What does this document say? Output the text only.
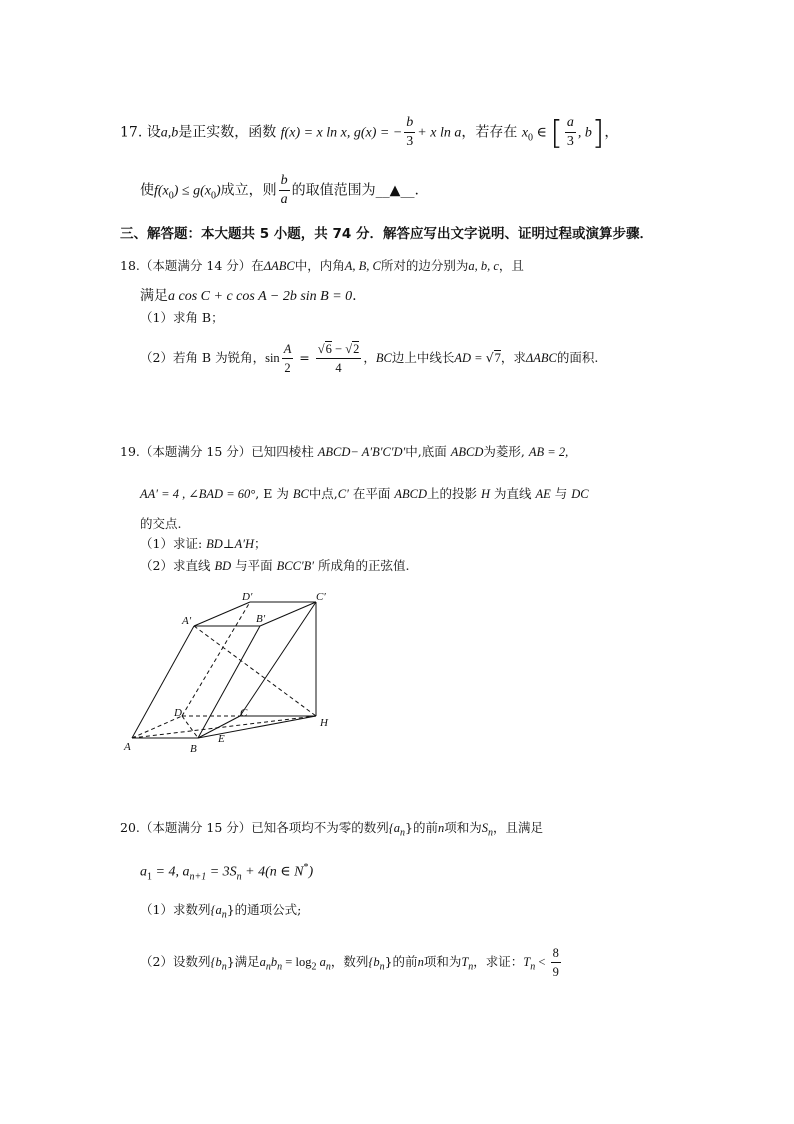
17. 设a,b是正实数，函数 f(x) = x ln x, g(x) = − $\frac{b}{3} + x$ ln a，若存在 $x_0$ ∈ [ $\frac{a}{3}$ , b]，
使$f(x_0) \le g(x_0)$成立，则 $\frac{b}{a}$ 的取值范围为__▲__.
三、解答题：本大题共 5 小题，共 74 分．解答应写出文字说明、证明过程或演算步骤．
18.（本题满分 14 分）在ΔABC中，内角A, B, C所对的边分别为a, b, c，且
满足a cos C + c cos A − 2b sin B = 0.
（1）求角 B；
（2）若角 B 为锐角，$\sin \frac{A}{2} = \frac{√6 - √2}{4}$ ，BC边上中线长AD = √7，求ΔABC的面积.
19.（本题满分 15 分）已知四棱柱 ABCD− A′B′C′D′中,底面 ABCD为菱形, AB = 2,
AA′ = 4 , ∠BAD = 60°, E 为 BC中点,C′ 在平面 ABCD上的投影 H 为直线 AE 与 DC
的交点.
（1）求证: BD⊥A′H；
（2）求直线 BD 与平面 BCC′B′ 所成角的正弦值.
A	B
E
C
D
H
A′	B′
D′	C′
20.（本题满分 15 分）已知各项均不为零的数列$\{a_n\}$的前n项和为$S_n$，且满足
$a_1 = 4$, $a_{n+1} = 3S_n + 4(n$ ∈ N*)
（1）求数列$\{a_n\}$的通项公式;
（2）设数列$\{b_n\}$满足$a_nb_n = \log_2 a_n$，数列$\{b_n\}$的前n项和为$T_n$，求证：$T_n < \frac{8}{9}$
